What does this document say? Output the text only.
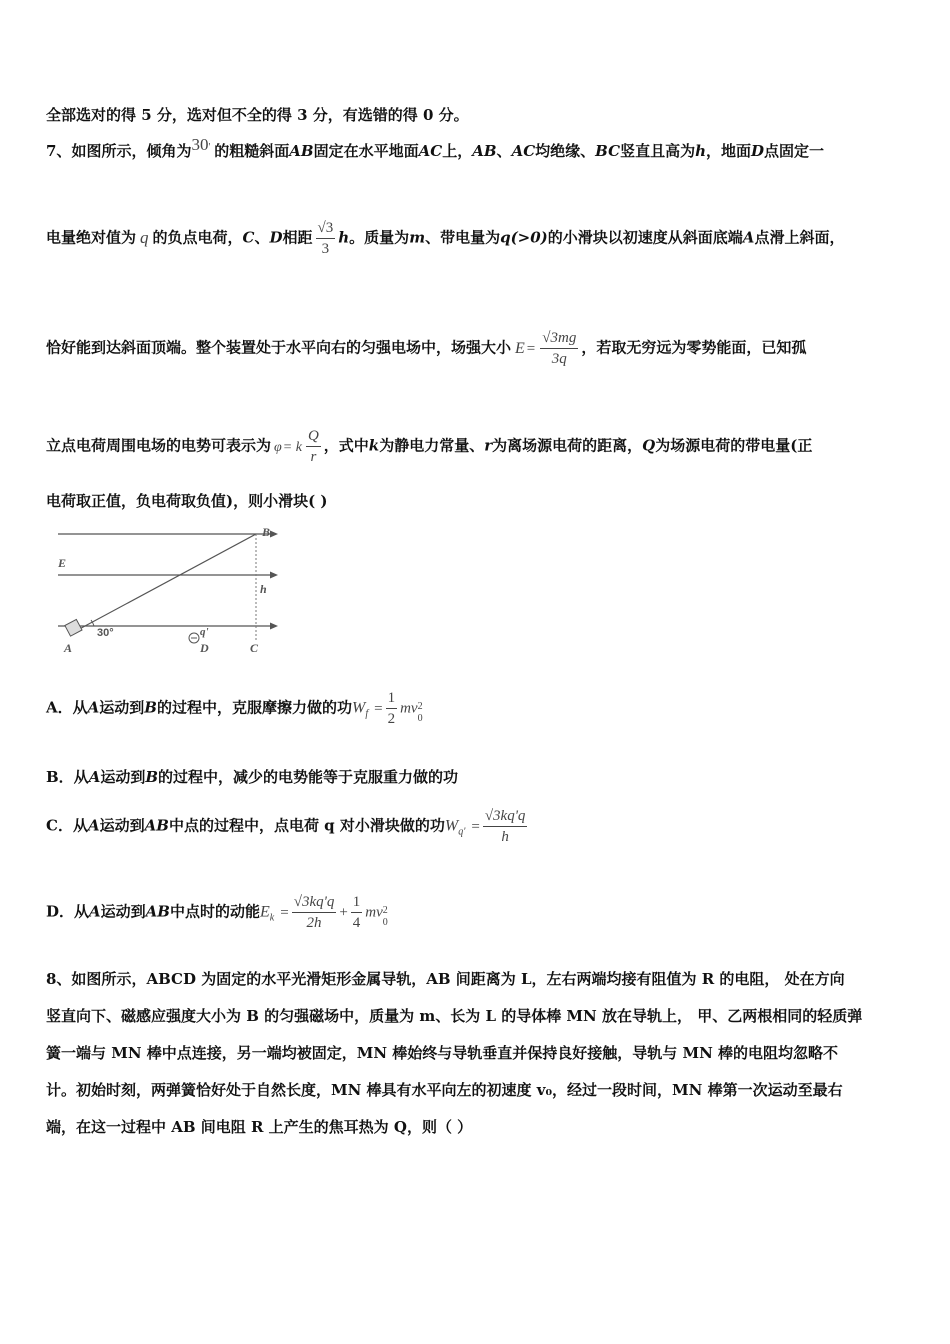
全部选对的得 5 分，选对但不全的得 3 分，有选错的得 0 分。
7、如图所示，倾角为30' 的粗糙斜面AB固定在水平地面AC上，AB、AC均绝缘、BC竖直且高为h，地面D点固定一
电量绝对值为 q 的负点电荷，C、D相距 $\frac{√3}{3}$ h。质量为m、带电量为q(>0)的小滑块以初速度从斜面底端A点滑上斜面，
恰好能到达斜面顶端。整个装置处于水平向右的匀强电场中，场强大小 $E = \frac{√3mg}{3q}$ ，若取无穷远为零势能面，已知孤
立点电荷周围电场的电势可表示为 φ= k $\frac{Q}{r}$ ，式中k为静电力常量、r为离场源电荷的距离，Q为场源电荷的带电量(正
电荷取正值，负电荷取负值)，则小滑块( )
B
E
h
30°	q'
A	D	C
A．从A运动到B的过程中，克服摩擦力做的功$W_f = \frac{1}{2}$ mv 2
0
B．从A运动到B的过程中，减少的电势能等于克服重力做的功
C．从A运动到AB中点的过程中，点电荷 q 对小滑块做的功$W_{q'} = \frac{√3kq'q}{h}$
D．从A运动到AB中点时的动能$E_k = \frac{√3kq'q}{2h} + \frac{1}{4}$ mv 2
0
8、如图所示，ABCD 为固定的水平光滑矩形金属导轨，AB 间距离为 L，左右两端均接有阻值为 R 的电阻， 处在方向
竖直向下、磁感应强度大小为 B 的匀强磁场中，质量为 m、长为 L 的导体棒 MN 放在导轨上， 甲、乙两根相同的轻质弹
簧一端与 MN 棒中点连接，另一端均被固定，MN 棒始终与导轨垂直并保持良好接触，导轨与 MN 棒的电阻均忽略不
计。初始时刻，两弹簧恰好处于自然长度，MN 棒具有水平向左的初速度 v₀，经过一段时间，MN 棒第一次运动至最右
端，在这一过程中 AB 间电阻 R 上产生的焦耳热为 Q，则（ ）
